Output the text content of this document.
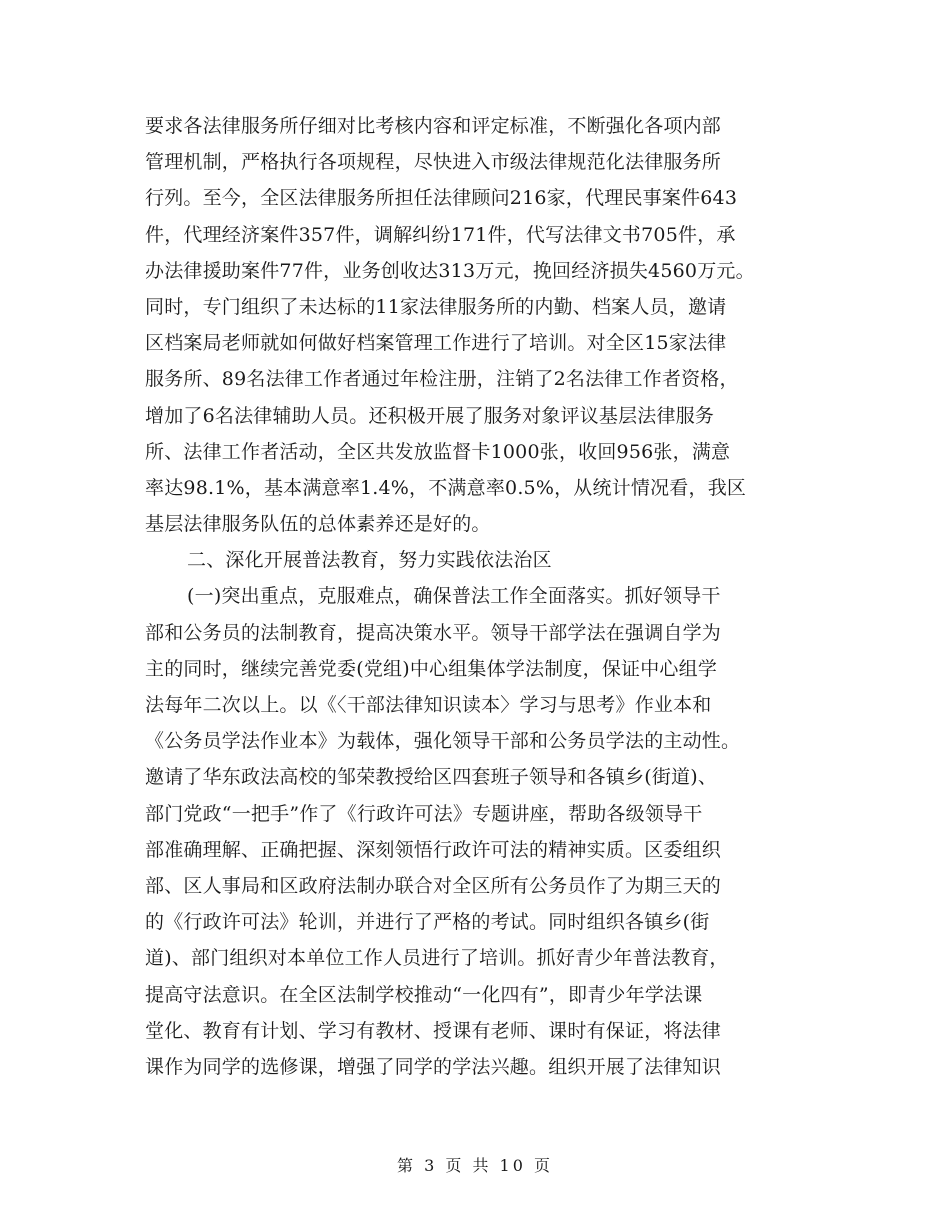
要求各法律服务所仔细对比考核内容和评定标准，不断强化各项内部
管理机制，严格执行各项规程，尽快进入市级法律规范化法律服务所
行列。至今，全区法律服务所担任法律顾问216家，代理民事案件643
件，代理经济案件357件，调解纠纷171件，代写法律文书705件，承
办法律援助案件77件，业务创收达313万元，挽回经济损失4560万元。
同时，专门组织了未达标的11家法律服务所的内勤、档案人员，邀请
区档案局老师就如何做好档案管理工作进行了培训。对全区15家法律
服务所、89名法律工作者通过年检注册，注销了2名法律工作者资格，
增加了6名法律辅助人员。还积极开展了服务对象评议基层法律服务
所、法律工作者活动，全区共发放监督卡1000张，收回956张，满意
率达98.1%，基本满意率1.4%，不满意率0.5%，从统计情况看，我区
基层法律服务队伍的总体素养还是好的。
二、深化开展普法教育，努力实践依法治区
(一)突出重点，克服难点，确保普法工作全面落实。抓好领导干
部和公务员的法制教育，提高决策水平。领导干部学法在强调自学为
主的同时，继续完善党委(党组)中心组集体学法制度，保证中心组学
法每年二次以上。以《〈干部法律知识读本〉学习与思考》作业本和
《公务员学法作业本》为载体，强化领导干部和公务员学法的主动性。
邀请了华东政法高校的邹荣教授给区四套班子领导和各镇乡(街道)、
部门党政“一把手”作了《行政许可法》专题讲座，帮助各级领导干
部准确理解、正确把握、深刻领悟行政许可法的精神实质。区委组织
部、区人事局和区政府法制办联合对全区所有公务员作了为期三天的
的《行政许可法》轮训，并进行了严格的考试。同时组织各镇乡(街
道)、部门组织对本单位工作人员进行了培训。抓好青少年普法教育，
提高守法意识。在全区法制学校推动“一化四有”，即青少年学法课
堂化、教育有计划、学习有教材、授课有老师、课时有保证，将法律
课作为同学的选修课，增强了同学的学法兴趣。组织开展了法律知识
第 3 页 共 10 页
